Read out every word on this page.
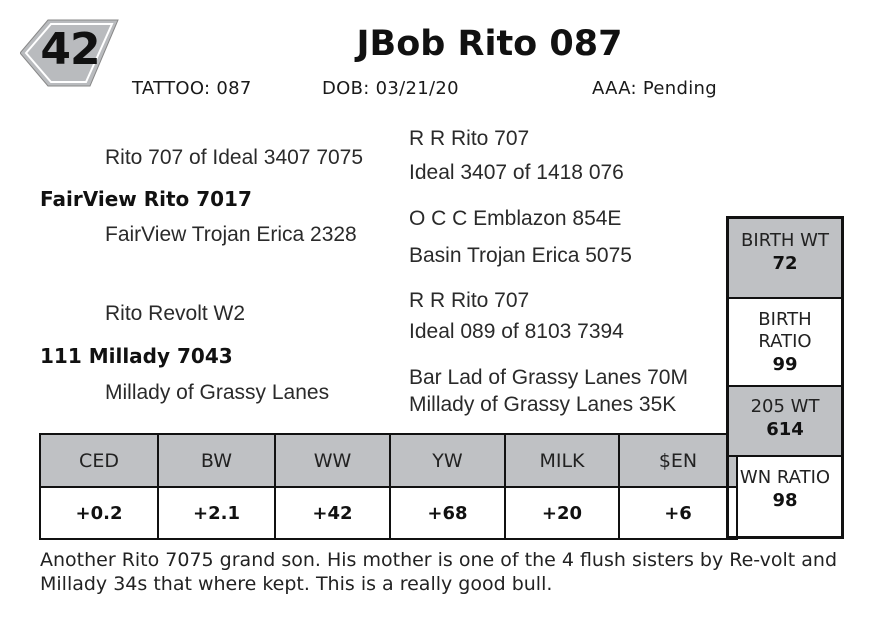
42	JBob Rito 087
TATTOO: 087	DOB: 03/21/20	AAA: Pending
R R Rito 707
Rito 707 of Ideal 3407 7075
Ideal 3407 of 1418 076
FairView Rito 7017
O C C Emblazon 854E
FairView Trojan Erica 2328
Basin Trojan Erica 5075
R R Rito 707
Rito Revolt W2
Ideal 089 of 8103 7394
111 Millady 7043
Bar Lad of Grassy Lanes 70M
Millady of Grassy Lanes
Millady of Grassy Lanes 35K
CED	BW	WW	YW	MILK	$EN
+0.2	+2.1	+42	+68	+20	+6
BIRTH WT
72
BIRTH RATIO
99
205 WT
614
WN RATIO
98
Another Rito 7075 grand son. His mother is one of the 4 flush sisters by Re-volt and Millady 34s that where kept. This is a really good bull.
